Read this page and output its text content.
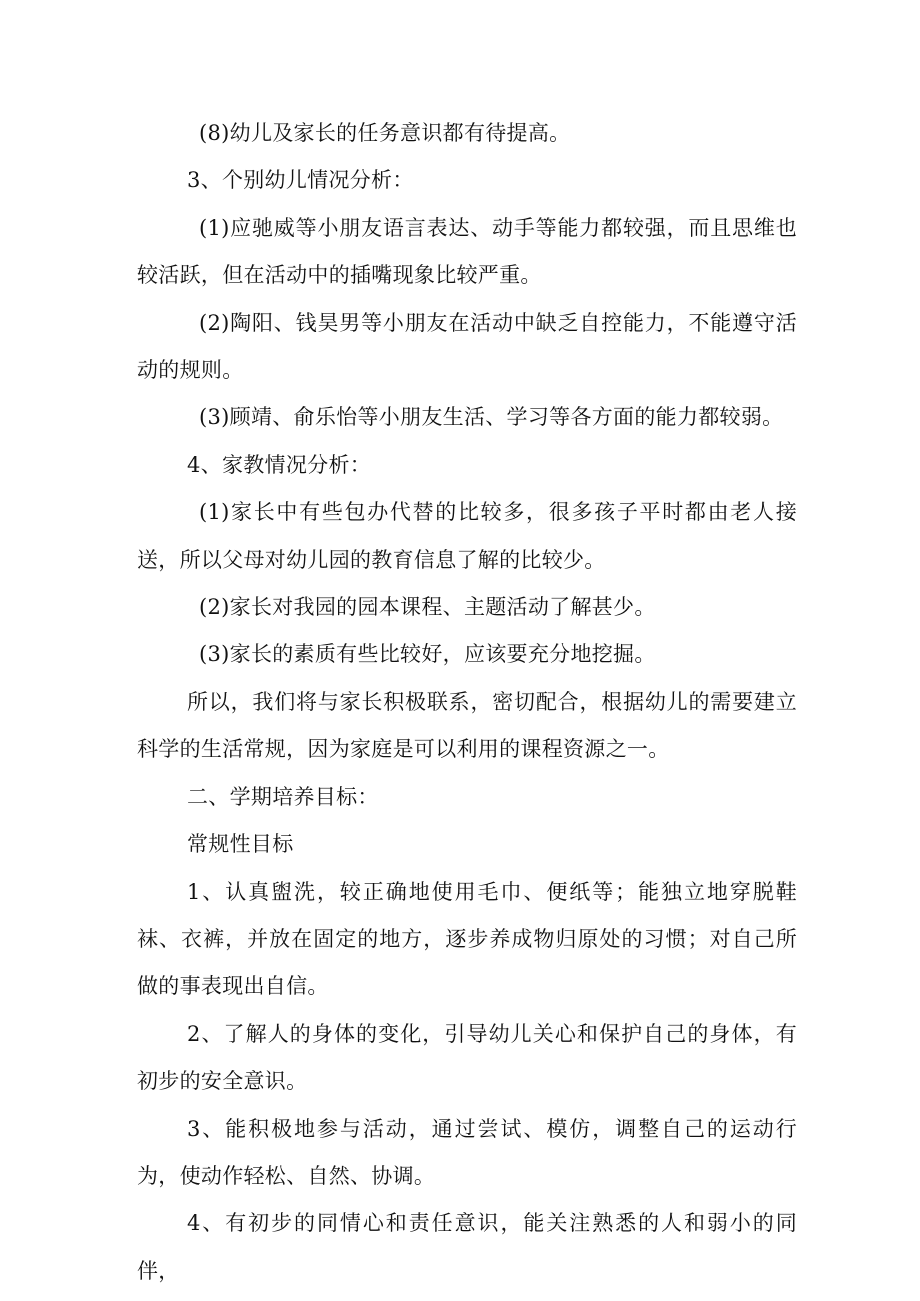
(8)幼儿及家长的任务意识都有待提高。

3、个别幼儿情况分析：

(1)应驰威等小朋友语言表达、动手等能力都较强，而且思维也较活跃，但在活动中的插嘴现象比较严重。

(2)陶阳、钱昊男等小朋友在活动中缺乏自控能力，不能遵守活动的规则。

(3)顾靖、俞乐怡等小朋友生活、学习等各方面的能力都较弱。

4、家教情况分析：

(1)家长中有些包办代替的比较多，很多孩子平时都由老人接送，所以父母对幼儿园的教育信息了解的比较少。

(2)家长对我园的园本课程、主题活动了解甚少。

(3)家长的素质有些比较好，应该要充分地挖掘。

所以，我们将与家长积极联系，密切配合，根据幼儿的需要建立科学的生活常规，因为家庭是可以利用的课程资源之一。

二、学期培养目标：

常规性目标

1、认真盥洗，较正确地使用毛巾、便纸等；能独立地穿脱鞋袜、衣裤，并放在固定的地方，逐步养成物归原处的习惯；对自己所做的事表现出自信。

2、了解人的身体的变化，引导幼儿关心和保护自己的身体，有初步的安全意识。

3、能积极地参与活动，通过尝试、模仿，调整自己的运动行为，使动作轻松、自然、协调。

4、有初步的同情心和责任意识，能关注熟悉的人和弱小的同伴，
